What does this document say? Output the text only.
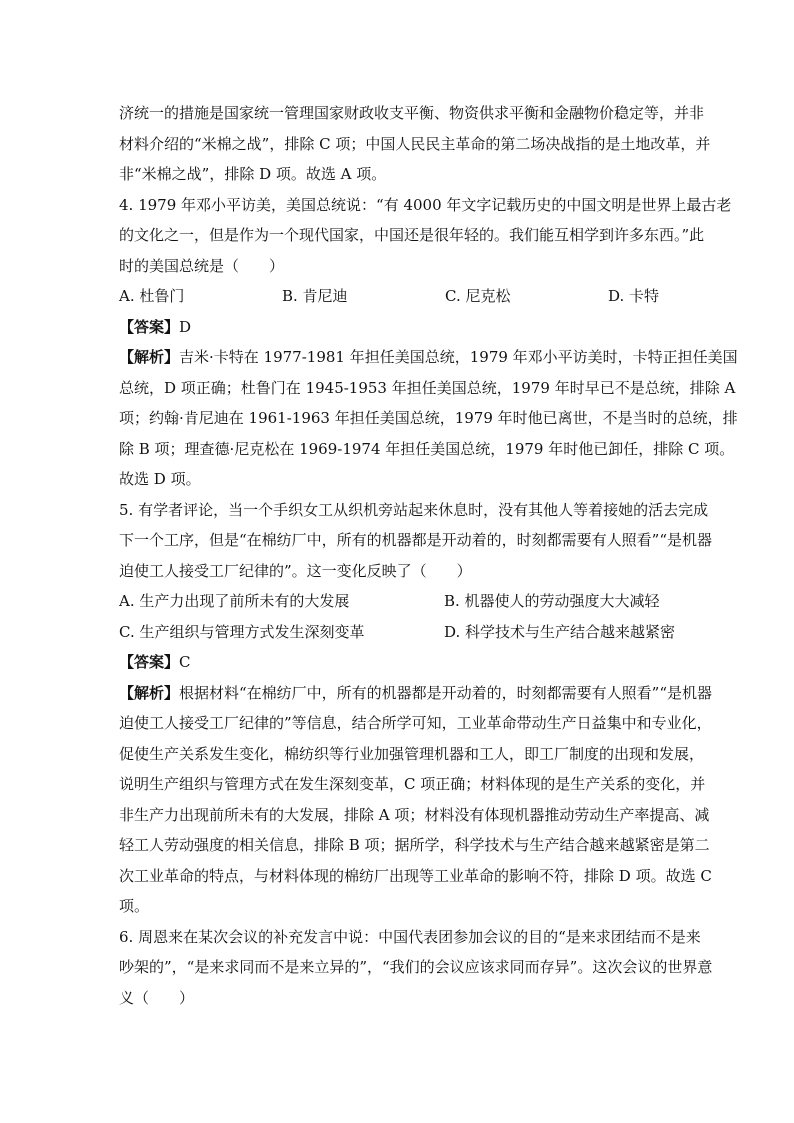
济统一的措施是国家统一管理国家财政收支平衡、物资供求平衡和金融物价稳定等，并非
材料介绍的“米棉之战”，排除 C 项；中国人民民主革命的第二场决战指的是土地改革，并
非“米棉之战”，排除 D 项。故选 A 项。
4. 1979 年邓小平访美，美国总统说：“有 4000 年文字记载历史的中国文明是世界上最古老
的文化之一，但是作为一个现代国家，中国还是很年轻的。我们能互相学到许多东西。”此
时的美国总统是（　　）
A. 杜鲁门	B. 肯尼迪	C. 尼克松	D. 卡特
【答案】D
【解析】吉米·卡特在 1977-1981 年担任美国总统，1979 年邓小平访美时，卡特正担任美国
总统，D 项正确；杜鲁门在 1945-1953 年担任美国总统，1979 年时早已不是总统，排除 A
项；约翰·肯尼迪在 1961-1963 年担任美国总统，1979 年时他已离世，不是当时的总统，排
除 B 项；理查德·尼克松在 1969-1974 年担任美国总统，1979 年时他已卸任，排除 C 项。
故选 D 项。
5. 有学者评论，当一个手织女工从织机旁站起来休息时，没有其他人等着接她的活去完成
下一个工序，但是“在棉纺厂中，所有的机器都是开动着的，时刻都需要有人照看”“是机器
迫使工人接受工厂纪律的”。这一变化反映了（　　）
A. 生产力出现了前所未有的大发展	B. 机器使人的劳动强度大大减轻
C. 生产组织与管理方式发生深刻变革	D. 科学技术与生产结合越来越紧密
【答案】C
【解析】根据材料“在棉纺厂中，所有的机器都是开动着的，时刻都需要有人照看”“是机器
迫使工人接受工厂纪律的”等信息，结合所学可知，工业革命带动生产日益集中和专业化，
促使生产关系发生变化，棉纺织等行业加强管理机器和工人，即工厂制度的出现和发展，
说明生产组织与管理方式在发生深刻变革，C 项正确；材料体现的是生产关系的变化，并
非生产力出现前所未有的大发展，排除 A 项；材料没有体现机器推动劳动生产率提高、减
轻工人劳动强度的相关信息，排除 B 项；据所学，科学技术与生产结合越来越紧密是第二
次工业革命的特点，与材料体现的棉纺厂出现等工业革命的影响不符，排除 D 项。故选 C
项。
6. 周恩来在某次会议的补充发言中说：中国代表团参加会议的目的“是来求团结而不是来
吵架的”，“是来求同而不是来立异的”，“我们的会议应该求同而存异”。这次会议的世界意
义（　　）
